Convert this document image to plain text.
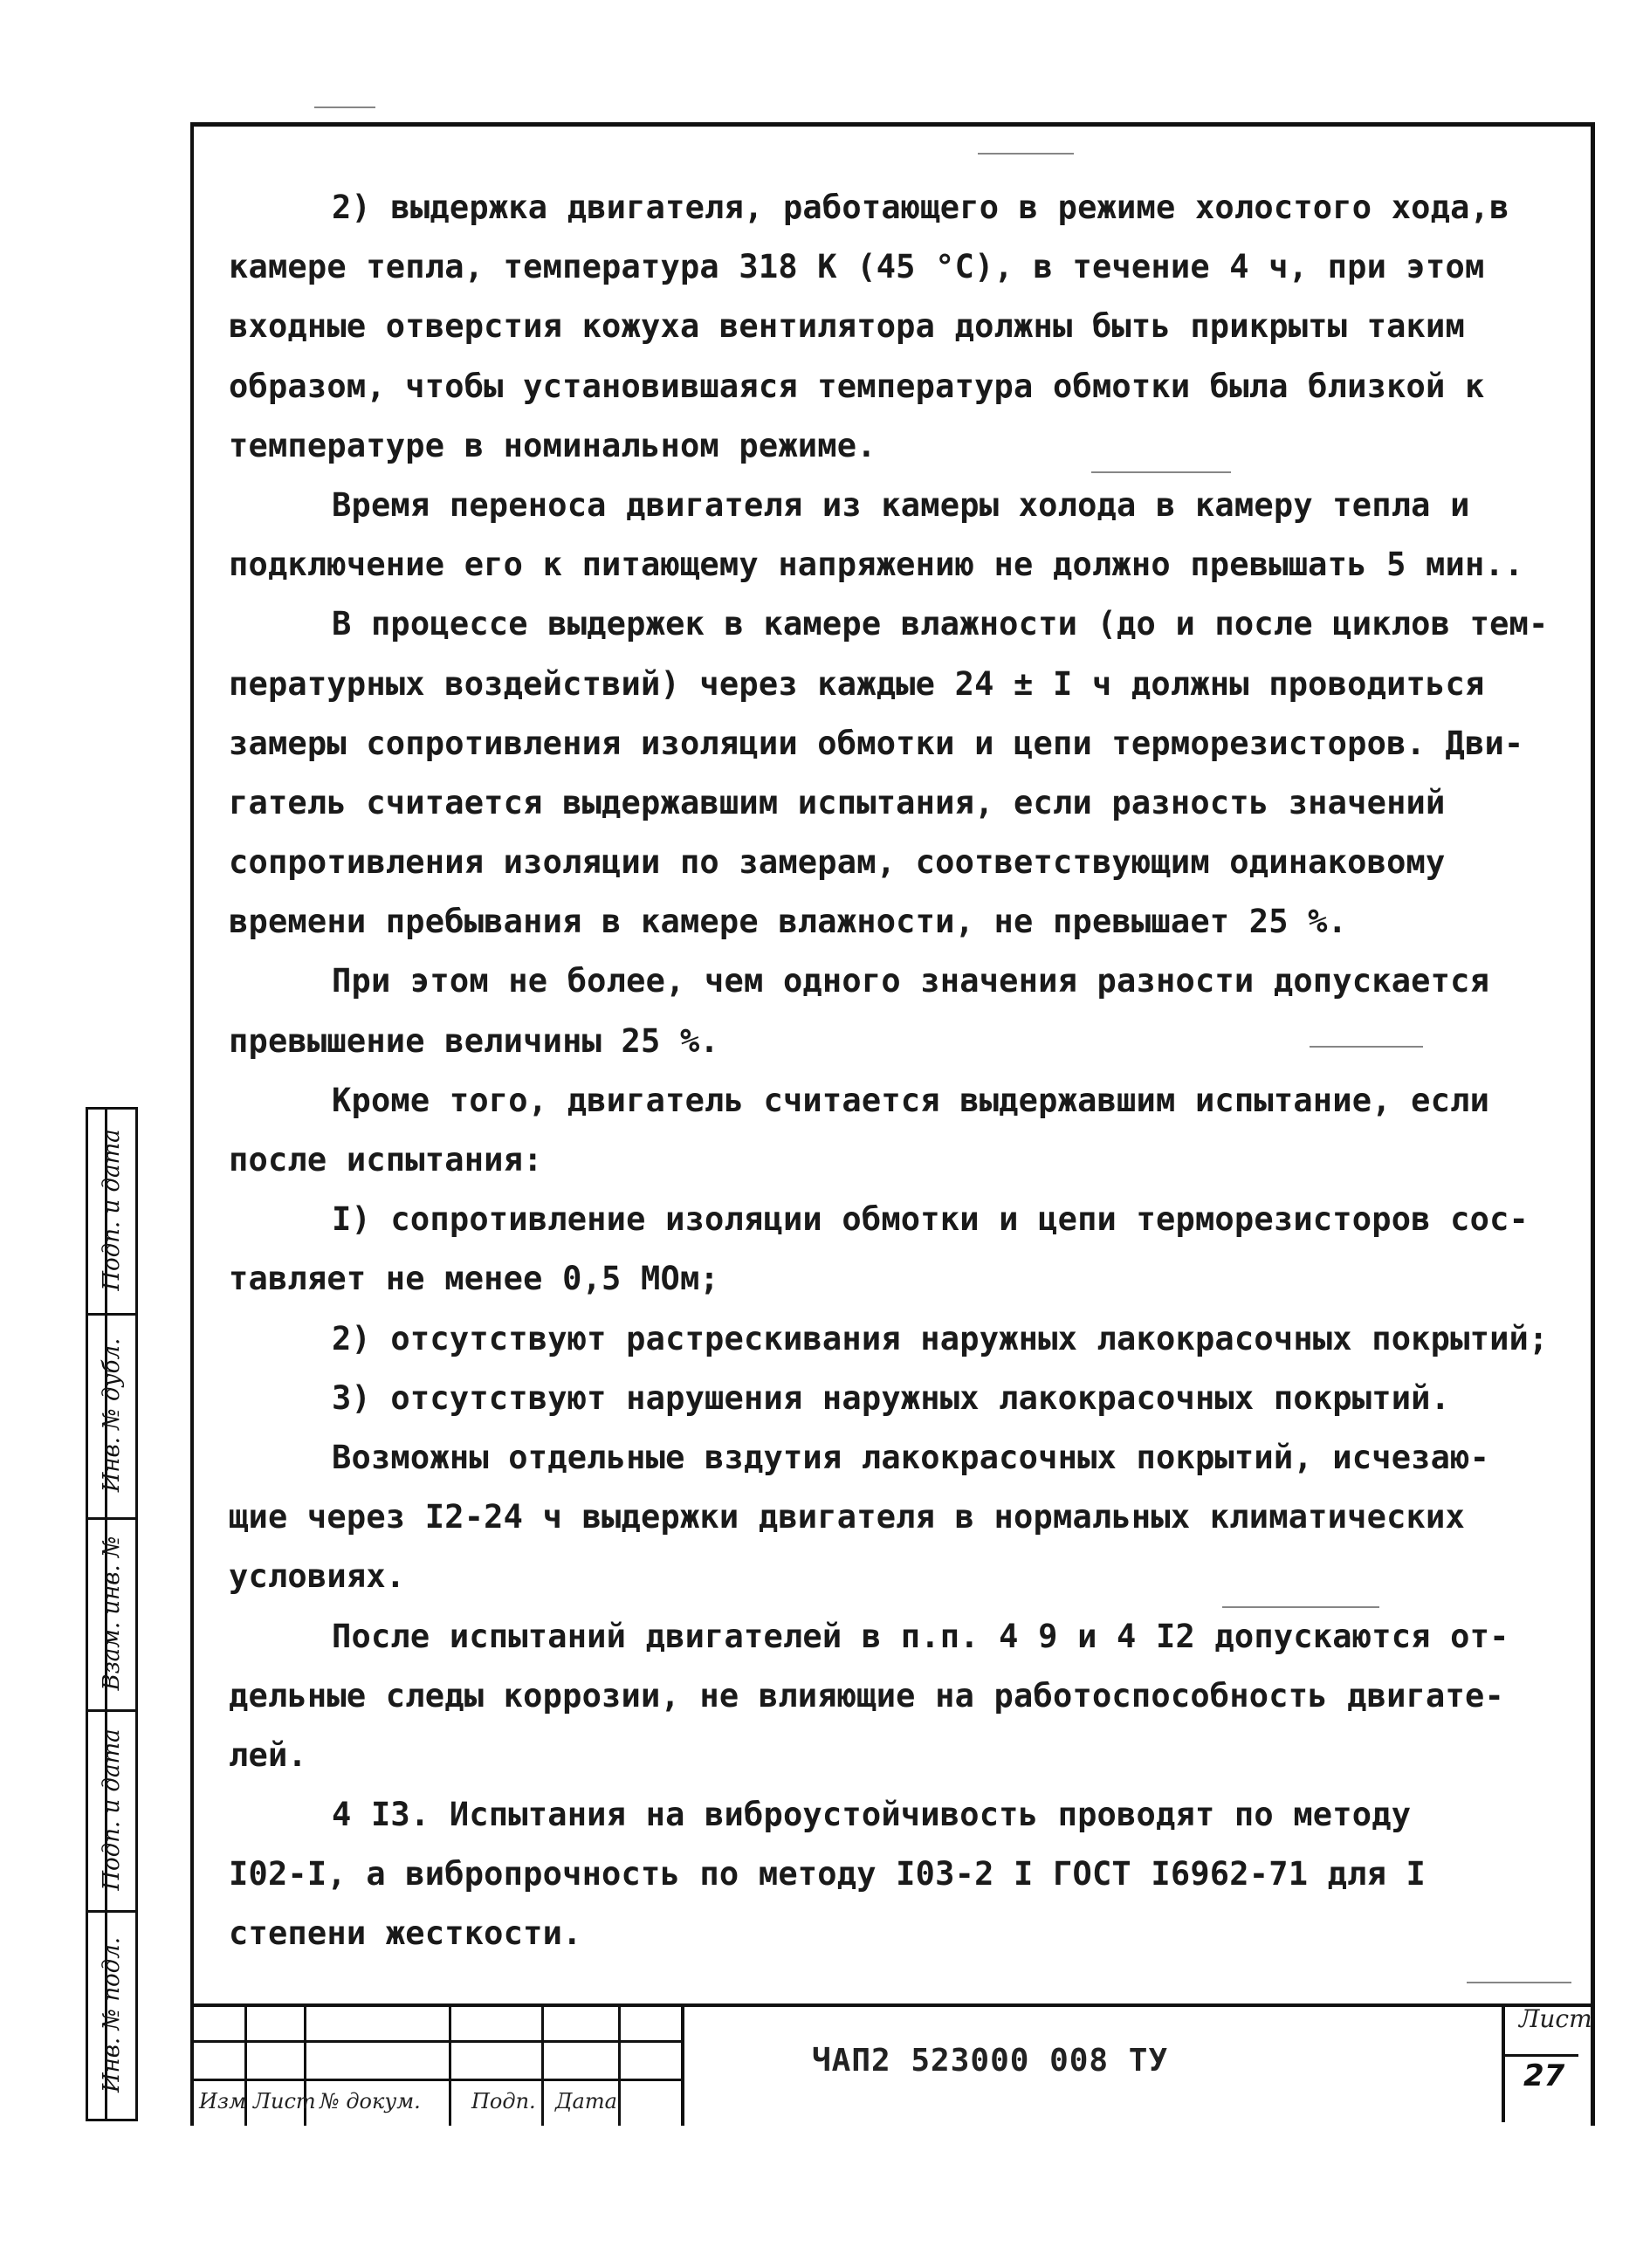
2) выдержка двигателя, работающего в режиме холостого хода,в
камере тепла, температура 318 К (45 °С), в течение 4 ч, при этом
входные отверстия кожуха вентилятора должны быть прикрыты таким
образом, чтобы установившаяся температура обмотки была близкой к
температуре в номинальном режиме.
Время переноса двигателя из камеры холода в камеру тепла и
подключение его к питающему напряжению не должно превышать 5 мин..
В процессе выдержек в камере влажности (до и после циклов тем-
пературных воздействий) через каждые 24 ± I ч должны проводиться
замеры сопротивления изоляции обмотки и цепи терморезисторов. Дви-
гатель считается выдержавшим испытания, если разность значений
сопротивления изоляции по замерам, соответствующим одинаковому
времени пребывания в камере влажности, не превышает 25 %.
При этом не более, чем одного значения разности допускается
превышение величины 25 %.
Кроме того, двигатель считается выдержавшим испытание, если
после испытания:
I) сопротивление изоляции обмотки и цепи терморезисторов сос-
тавляет не менее 0,5 МОм;
2) отсутствуют растрескивания наружных лакокрасочных покрытий;
3) отсутствуют нарушения наружных лакокрасочных покрытий.
Возможны отдельные вздутия лакокрасочных покрытий, исчезаю-
щие через I2-24 ч выдержки двигателя в нормальных климатических
условиях.
После испытаний двигателей в п.п. 4 9 и 4 I2 допускаются от-
дельные следы коррозии, не влияющие на работоспособность двигате-
лей.
4 I3. Испытания на виброустойчивость проводят по методу
I02-I, а вибропрочность по методу I03-2 I ГОСТ I6962-71 для I
степени жесткости.
ЧАП2 523000 008 ТУ
Лист
27
Изм Лист № докум. Подп. Дата
Инв. № подл.
Подп. и дата
Взам. инв. №
Инв. № дубл.
Подп. и дата
